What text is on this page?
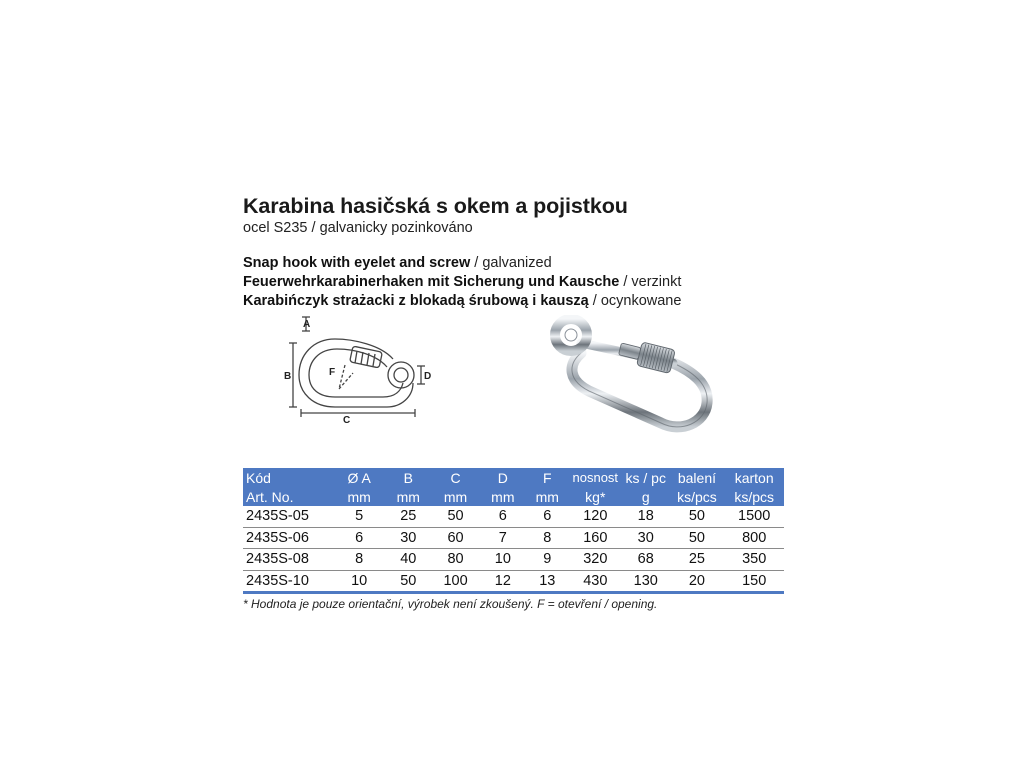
Karabina hasičská s okem a pojistkou
ocel S235 / galvanicky pozinkováno
Snap hook with eyelet and screw / galvanized
Feuerwehrkarabinerhaken mit Sicherung und Kausche / verzinkt
Karabińczyk strażacki z blokadą śrubową i kauszą / ocynkowane
A
B
C
D
F
Kód	Ø A	B	C	D	F	nosnost	ks / pc	balení	karton
Art. No.	mm	mm	mm	mm	mm	kg*	g	ks/pcs	ks/pcs
2435S-05	5	25	50	6	6	120	18	50	1500
2435S-06	6	30	60	7	8	160	30	50	800
2435S-08	8	40	80	10	9	320	68	25	350
2435S-10	10	50	100	12	13	430	130	20	150
* Hodnota je pouze orientační, výrobek není zkoušený. F = otevření / opening.
